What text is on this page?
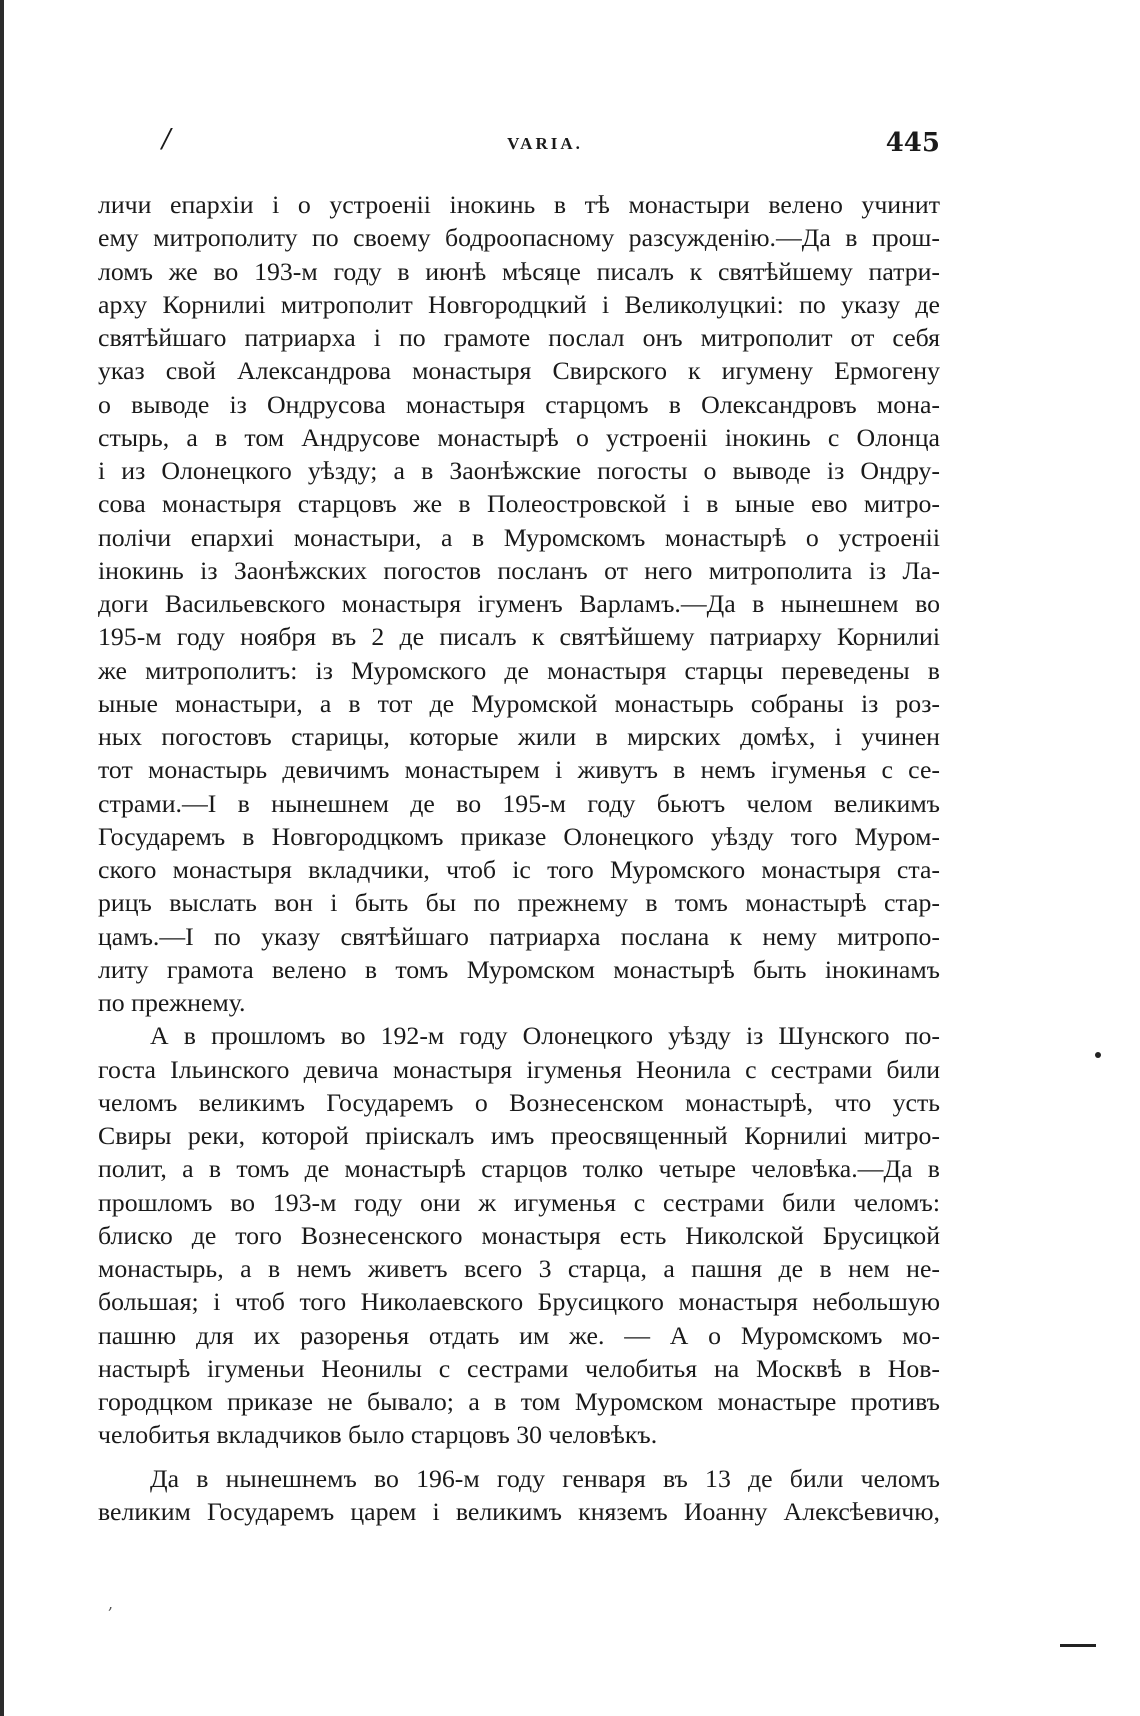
/	VARIA.	445
личи епархіи і о устроеніі інокинь в тѣ монастыри велено учинит
ему митрополиту по своему бодроопасному разсужденію.—Да в прош-
ломъ же во 193-м году в июнѣ мѣсяце писалъ к святѣйшему патри-
арху Корнилиі митрополит Новгородцкий і Великолуцкиі: по указу де
святѣйшаго патриарха і по грамоте послал онъ митрополит от себя
указ свой Александрова монастыря Свирского к игумену Ермогену
о выводе із Ондрусова монастыря старцомъ в Олександровъ мона-
стырь, а в том Андрусове монастырѣ о устроеніі інокинь с Олонца
і из Олонецкого уѣзду; а в Заонѣжские погосты о выводе із Ондру-
сова монастыря старцовъ же в Полеостровской і в ыные ево митро-
полічи епархиі монастыри, а в Муромскомъ монастырѣ о устроеніі
інокинь із Заонѣжских погостов посланъ от него митрополита із Ла-
доги Васильевского монастыря ігуменъ Варламъ.—Да в нынешнем во
195-м году ноября въ 2 де писалъ к святѣйшему патриарху Корнилиі
же митрополитъ: із Муромского де монастыря старцы переведены в
ыные монастыри, а в тот де Муромской монастырь собраны із роз-
ных погостовъ старицы, которые жили в мирских домѣх, і учинен
тот монастырь девичимъ монастырем і живутъ в немъ ігуменья с се-
страми.—І в нынешнем де во 195-м году бьютъ челом великимъ
Государемъ в Новгородцкомъ приказе Олонецкого уѣзду того Муром-
ского монастыря вкладчики, чтоб іс того Муромского монастыря ста-
рицъ выслать вон і быть бы по прежнему в томъ монастырѣ стар-
цамъ.—І по указу святѣйшаго патриарха послана к нему митропо-
литу грамота велено в томъ Муромском монастырѣ быть інокинамъ
по прежнему.
А в прошломъ во 192-м году Олонецкого уѣзду із Шунского по-
госта Ільинского девича монастыря ігуменья Неонила с сестрами били
челомъ великимъ Государемъ о Вознесенском монастырѣ, что усть
Свиры реки, которой пріискалъ имъ преосвященный Корнилиі митро-
полит, а в томъ де монастырѣ старцов толко четыре человѣка.—Да в
прошломъ во 193-м году они ж игуменья с сестрами били челомъ:
блиско де того Вознесенского монастыря есть Николской Брусицкой
монастырь, а в немъ живетъ всего 3 старца, а пашня де в нем не-
большая; і чтоб того Николаевского Брусицкого монастыря небольшую
пашню для их разоренья отдать им же. — А о Муромскомъ мо-
настырѣ ігуменьи Неонилы с сестрами челобитья на Москвѣ в Нов-
городцком приказе не бывало; а в том Муромском монастыре противъ
челобитья вкладчиков было старцовъ 30 человѣкъ.
Да в нынешнемъ во 196-м году генваря въ 13 де били челомъ
великим Государемъ царем і великимъ княземъ Иоанну Алексѣевичю,
,
